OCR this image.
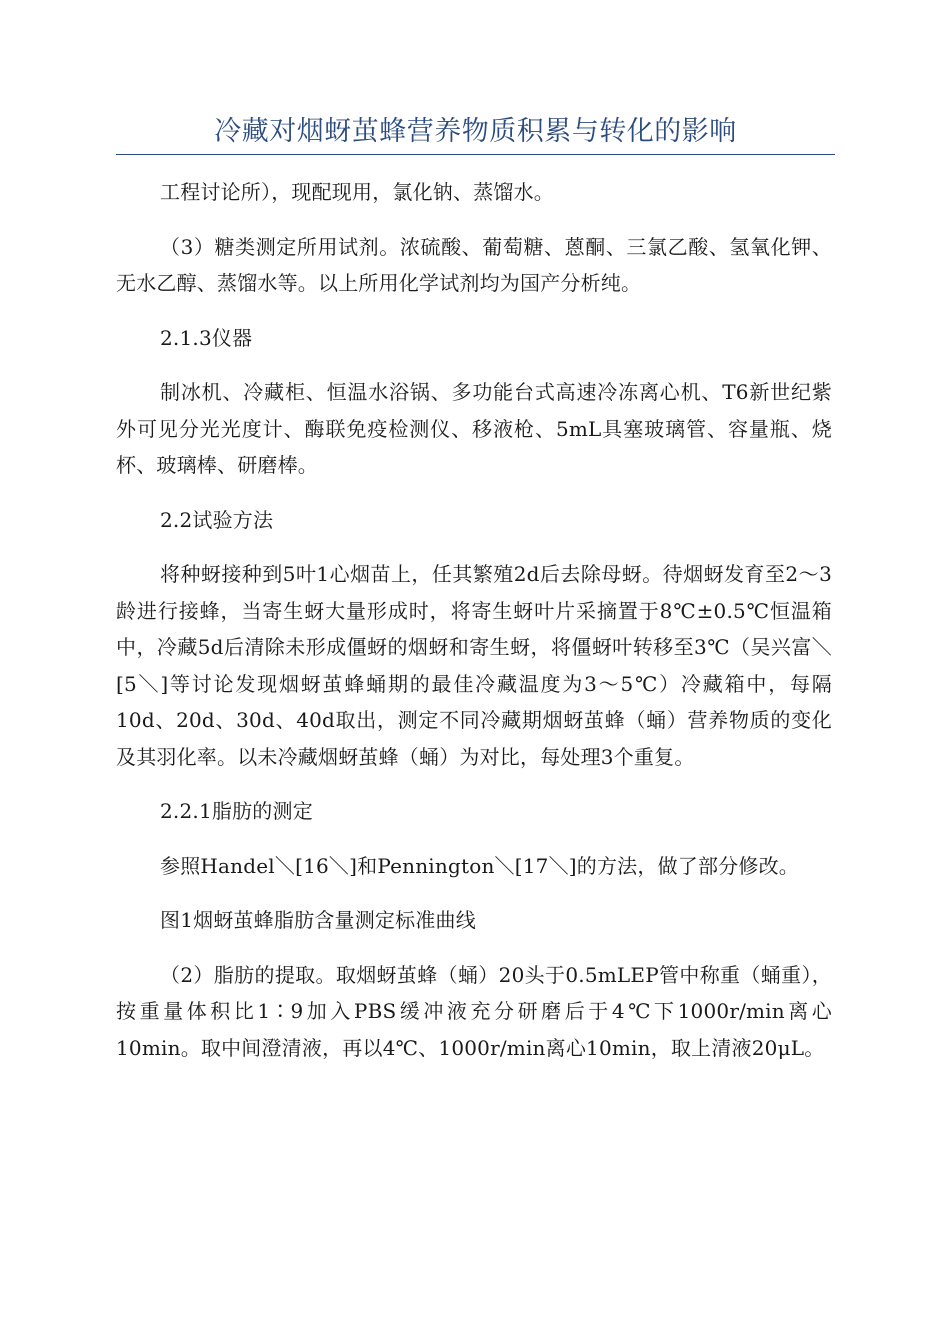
冷藏对烟蚜茧蜂营养物质积累与转化的影响

工程讨论所），现配现用，氯化钠、蒸馏水。

（3）糖类测定所用试剂。浓硫酸、葡萄糖、蒽酮、三氯乙酸、氢氧化钾、无水乙醇、蒸馏水等。以上所用化学试剂均为国产分析纯。

2.1.3仪器

制冰机、冷藏柜、恒温水浴锅、多功能台式高速冷冻离心机、T6新世纪紫外可见分光光度计、酶联免疫检测仪、移液枪、5mL具塞玻璃管、容量瓶、烧杯、玻璃棒、研磨棒。

2.2试验方法

将种蚜接种到5叶1心烟苗上，任其繁殖2d后去除母蚜。待烟蚜发育至2～3龄进行接蜂，当寄生蚜大量形成时，将寄生蚜叶片采摘置于8℃±0.5℃恒温箱中，冷藏5d后清除未形成僵蚜的烟蚜和寄生蚜，将僵蚜叶转移至3℃（吴兴富＼[5＼]等讨论发现烟蚜茧蜂蛹期的最佳冷藏温度为3～5℃）冷藏箱中，每隔10d、20d、30d、40d取出，测定不同冷藏期烟蚜茧蜂（蛹）营养物质的变化及其羽化率。以未冷藏烟蚜茧蜂（蛹）为对比，每处理3个重复。

2.2.1脂肪的测定

参照Handel＼[16＼]和Pennington＼[17＼]的方法，做了部分修改。

图1烟蚜茧蜂脂肪含量测定标准曲线

（2）脂肪的提取。取烟蚜茧蜂（蛹）20头于0.5mLEP管中称重（蛹重），按重量体积比1∶9加入PBS缓冲液充分研磨后于4℃下1000r/min离心10min。取中间澄清液，再以4℃、1000r/min离心10min，取上清液20μL。
